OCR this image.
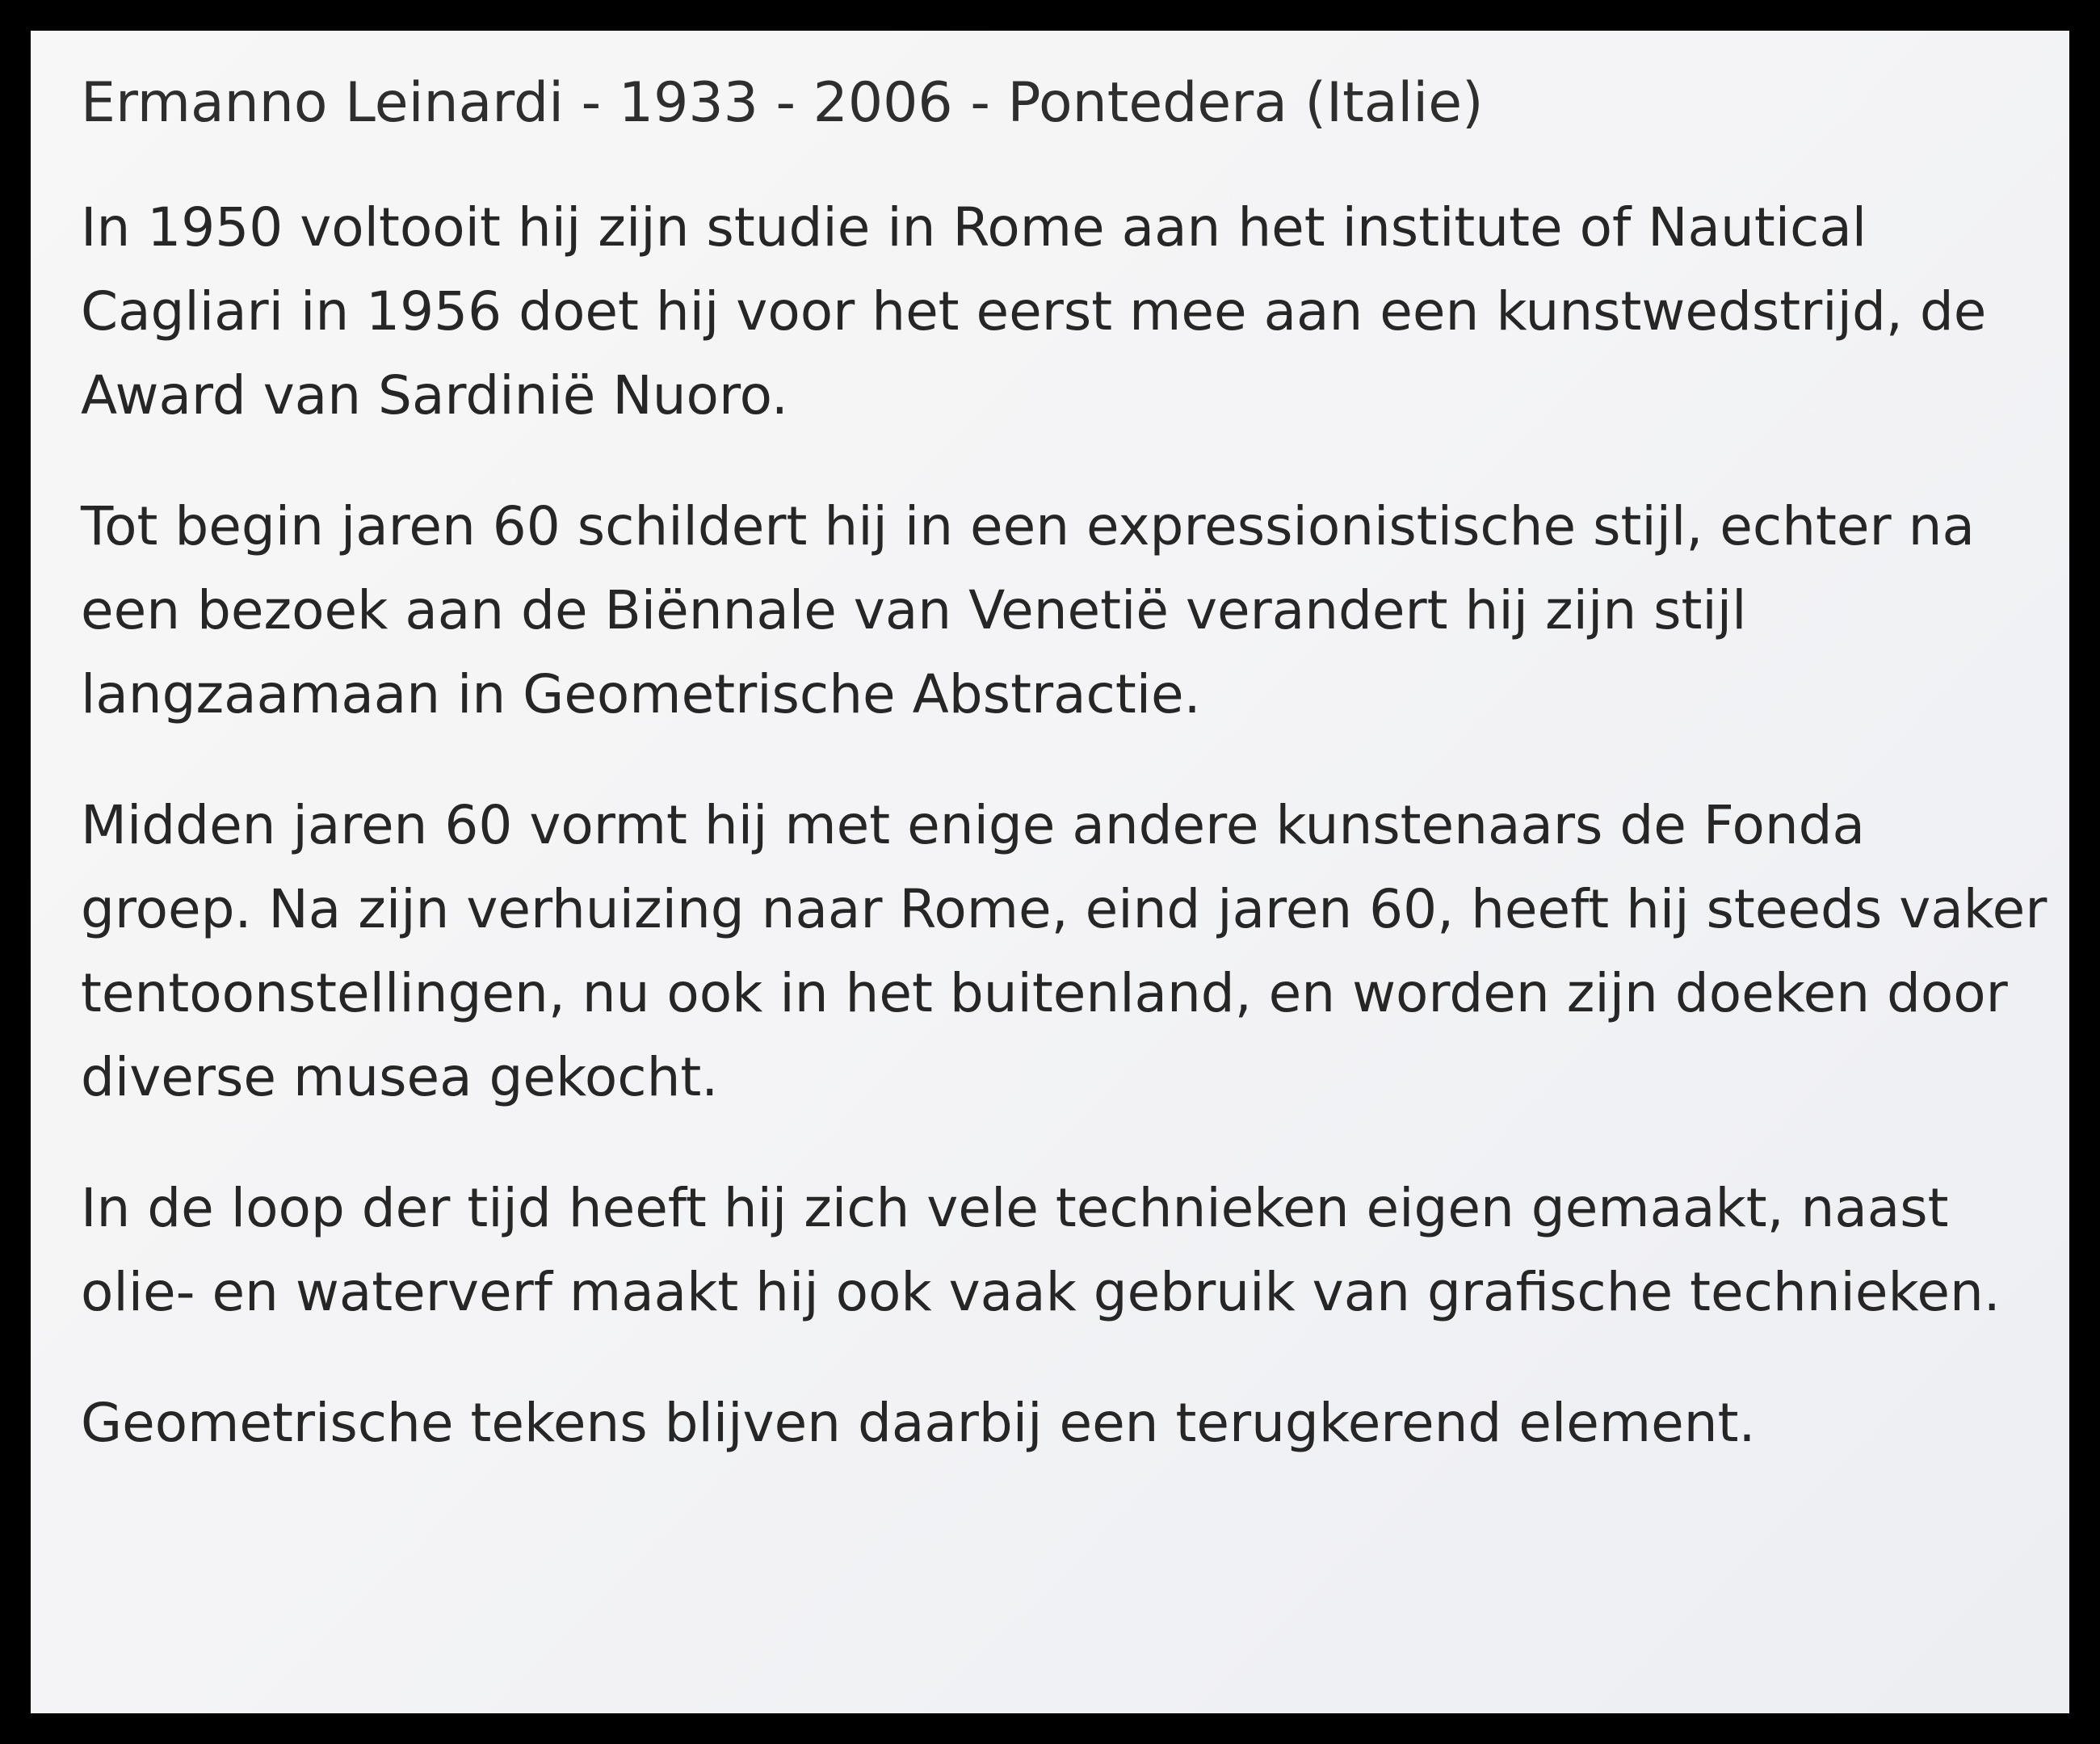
Ermanno Leinardi - 1933 - 2006 - Pontedera (Italie)

In 1950 voltooit hij zijn studie in Rome aan het institute of Nautical Cagliari in 1956 doet hij voor het eerst mee aan een kunstwedstrijd, de Award van Sardinië Nuoro.

Tot begin jaren 60 schildert hij in een expressionistische stijl, echter na een bezoek aan de Biënnale van Venetië verandert hij zijn stijl langzaamaan in Geometrische Abstractie.

Midden jaren 60 vormt hij met enige andere kunstenaars de Fonda groep. Na zijn verhuizing naar Rome, eind jaren 60, heeft hij steeds vaker tentoonstellingen, nu ook in het buitenland, en worden zijn doeken door diverse musea gekocht.

In de loop der tijd heeft hij zich vele technieken eigen gemaakt, naast olie- en waterverf maakt hij ook vaak gebruik van grafische technieken.

Geometrische tekens blijven daarbij een terugkerend element.
